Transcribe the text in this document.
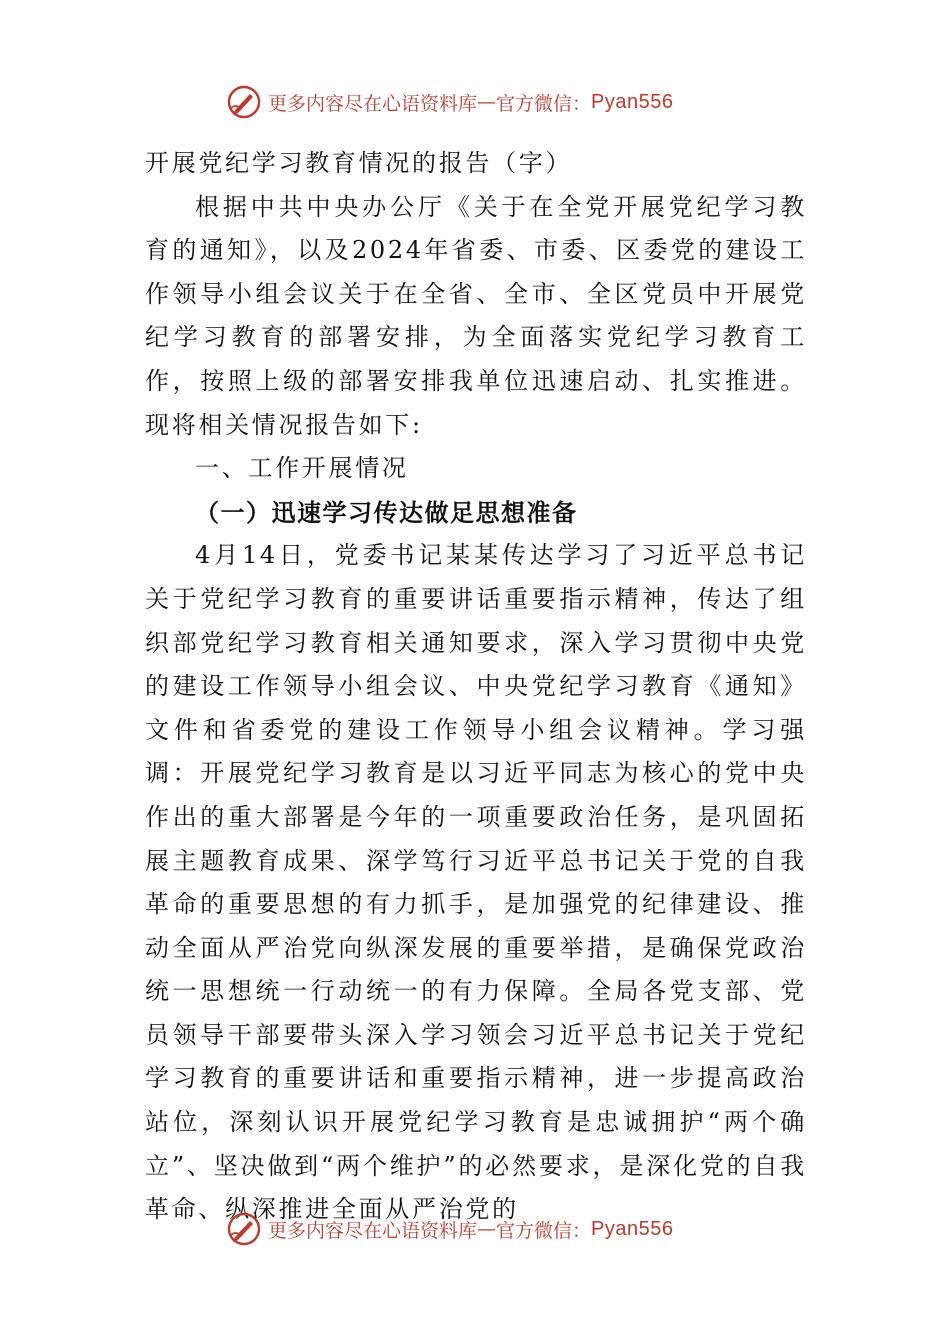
更多内容尽在心语资料库 — 官方微信： Pyan556

开展党纪学习教育情况的报告（字）

根据中共中央办公厅《关于在全党开展党纪学习教育的通知》，以及2024年省委、市委、区委党的建设工作领导小组会议关于在全省、全市、全区党员中开展党纪学习教育的部署安排，为全面落实党纪学习教育工作，按照上级的部署安排我单位迅速启动、扎实推进。现将相关情况报告如下:

一、工作开展情况

（一）迅速学习传达做足思想准备

4月14日，党委书记某某传达学习了习近平总书记关于党纪学习教育的重要讲话重要指示精神，传达了组织部党纪学习教育相关通知要求，深入学习贯彻中央党的建设工作领导小组会议、中央党纪学习教育《通知》文件和省委党的建设工作领导小组会议精神。学习强调：开展党纪学习教育是以习近平同志为核心的党中央作出的重大部署是今年的一项重要政治任务，是巩固拓展主题教育成果、深学笃行习近平总书记关于党的自我革命的重要思想的有力抓手，是加强党的纪律建设、推动全面从严治党向纵深发展的重要举措，是确保党政治统一思想统一行动统一的有力保障。全局各党支部、党员领导干部要带头深入学习领会习近平总书记关于党纪学习教育的重要讲话和重要指示精神，进一步提高政治站位，深刻认识开展党纪学习教育是忠诚拥护“两个确立”、坚决做到“两个维护”的必然要求，是深化党的自我革命、纵深推进全面从严治党的

更多内容尽在心语资料库 — 官方微信： Pyan556
